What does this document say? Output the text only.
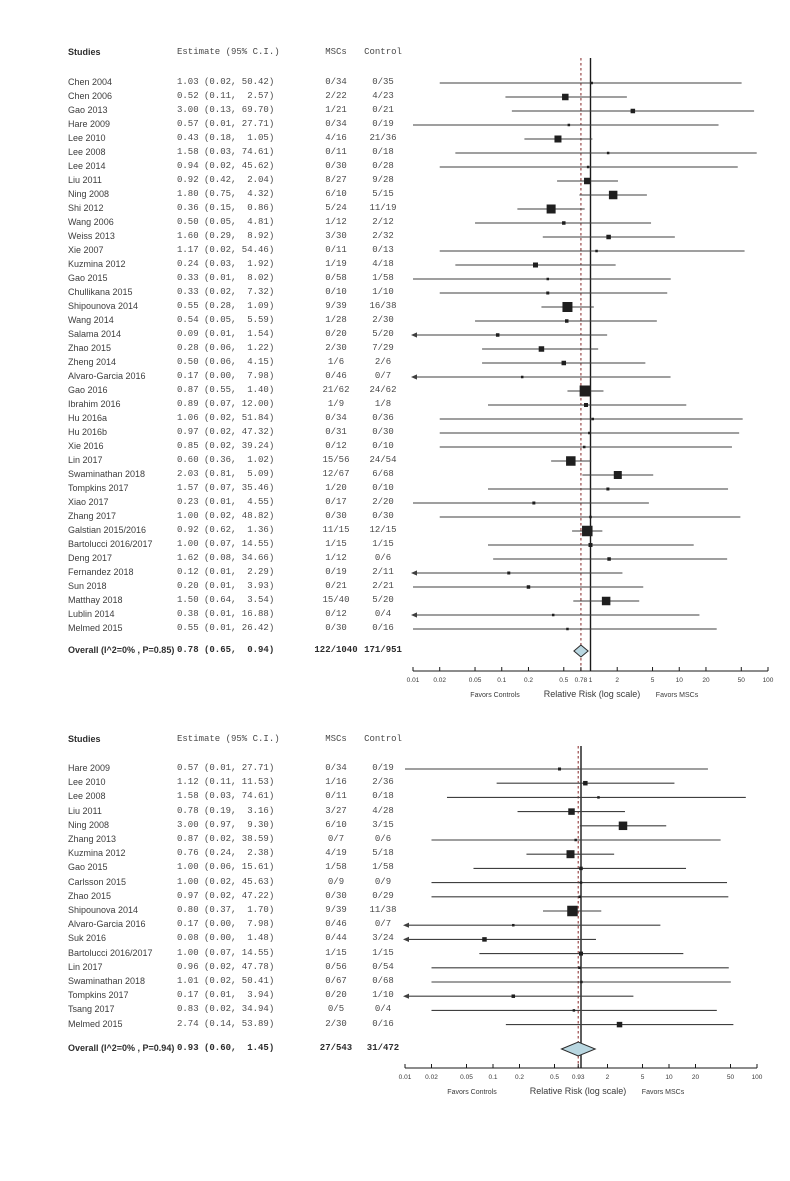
Studies	Estimate (95% C.I.)	MSCs	Control
Chen 2004	1.03 (0.02, 50.42)	0/34	0/35
Chen 2006	0.52 (0.11,  2.57)	2/22	4/23
Gao 2013	3.00 (0.13, 69.70)	1/21	0/21
Hare 2009	0.57 (0.01, 27.71)	0/34	0/19
Lee 2010	0.43 (0.18,  1.05)	4/16	21/36
Lee 2008	1.58 (0.03, 74.61)	0/11	0/18
Lee 2014	0.94 (0.02, 45.62)	0/30	0/28
Liu 2011	0.92 (0.42,  2.04)	8/27	9/28
Ning 2008	1.80 (0.75,  4.32)	6/10	5/15
Shi 2012	0.36 (0.15,  0.86)	5/24	11/19
Wang 2006	0.50 (0.05,  4.81)	1/12	2/12
Weiss 2013	1.60 (0.29,  8.92)	3/30	2/32
Xie 2007	1.17 (0.02, 54.46)	0/11	0/13
Kuzmina 2012	0.24 (0.03,  1.92)	1/19	4/18
Gao 2015	0.33 (0.01,  8.02)	0/58	1/58
Chullikana 2015	0.33 (0.02,  7.32)	0/10	1/10
Shipounova 2014	0.55 (0.28,  1.09)	9/39	16/38
Wang 2014	0.54 (0.05,  5.59)	1/28	2/30
Salama 2014	0.09 (0.01,  1.54)	0/20	5/20
Zhao 2015	0.28 (0.06,  1.22)	2/30	7/29
Zheng 2014	0.50 (0.06,  4.15)	1/6	2/6
Alvaro-Garcia 2016	0.17 (0.00,  7.98)	0/46	0/7
Gao 2016	0.87 (0.55,  1.40)	21/62	24/62
Ibrahim 2016	0.89 (0.07, 12.00)	1/9	1/8
Hu 2016a	1.06 (0.02, 51.84)	0/34	0/36
Hu 2016b	0.97 (0.02, 47.32)	0/31	0/30
Xie 2016	0.85 (0.02, 39.24)	0/12	0/10
Lin 2017	0.60 (0.36,  1.02)	15/56	24/54
Swaminathan 2018	2.03 (0.81,  5.09)	12/67	6/68
Tompkins 2017	1.57 (0.07, 35.46)	1/20	0/10
Xiao 2017	0.23 (0.01,  4.55)	0/17	2/20
Zhang 2017	1.00 (0.02, 48.82)	0/30	0/30
Galstian 2015/2016	0.92 (0.62,  1.36)	11/15	12/15
Bartolucci 2016/2017	1.00 (0.07, 14.55)	1/15	1/15
Deng 2017	1.62 (0.08, 34.66)	1/12	0/6
Fernandez 2018	0.12 (0.01,  2.29)	0/19	2/11
Sun 2018	0.20 (0.01,  3.93)	0/21	2/21
Matthay 2018	1.50 (0.64,  3.54)	15/40	5/20
Lublin 2014	0.38 (0.01, 16.88)	0/12	0/4
Melmed 2015	0.55 (0.01, 26.42)	0/30	0/16
Overall (I^2=0% , P=0.85) 0.78 (0.65,  0.94)	122/1040 171/951
0.01 0.02	0.05 0.1	0.2	0.5 0.78 1	2	5	10	20	50	100
Favors Controls	Relative Risk (log scale) Favors MSCs
Studies	Estimate (95% C.I.)	MSCs	Control
Hare 2009	0.57 (0.01, 27.71)	0/34	0/19
Lee 2010	1.12 (0.11, 11.53)	1/16	2/36
Lee 2008	1.58 (0.03, 74.61)	0/11	0/18
Liu 2011	0.78 (0.19,  3.16)	3/27	4/28
Ning 2008	3.00 (0.97,  9.30)	6/10	3/15
Zhang 2013	0.87 (0.02, 38.59)	0/7	0/6
Kuzmina 2012	0.76 (0.24,  2.38)	4/19	5/18
Gao 2015	1.00 (0.06, 15.61)	1/58	1/58
Carlsson 2015	1.00 (0.02, 45.63)	0/9	0/9
Zhao 2015	0.97 (0.02, 47.22)	0/30	0/29
Shipounova 2014	0.80 (0.37,  1.70)	9/39	11/38
Alvaro-Garcia 2016	0.17 (0.00,  7.98)	0/46	0/7
Suk 2016	0.08 (0.00,  1.48)	0/44	3/24
Bartolucci 2016/2017	1.00 (0.07, 14.55)	1/15	1/15
Lin 2017	0.96 (0.02, 47.78)	0/56	0/54
Swaminathan 2018	1.01 (0.02, 50.41)	0/67	0/68
Tompkins 2017	0.17 (0.01,  3.94)	0/20	1/10
Tsang 2017	0.83 (0.02, 34.94)	0/5	0/4
Melmed 2015	2.74 (0.14, 53.89)	2/30	0/16
Overall (I^2=0% , P=0.94) 0.93 (0.60,  1.45)	27/543	31/472
0.01 0.02	0.05 0.1	0.2	0.5 0.93	2	5	10	20	50	100
Favors Controls	Relative Risk (log scale) Favors MSCs
